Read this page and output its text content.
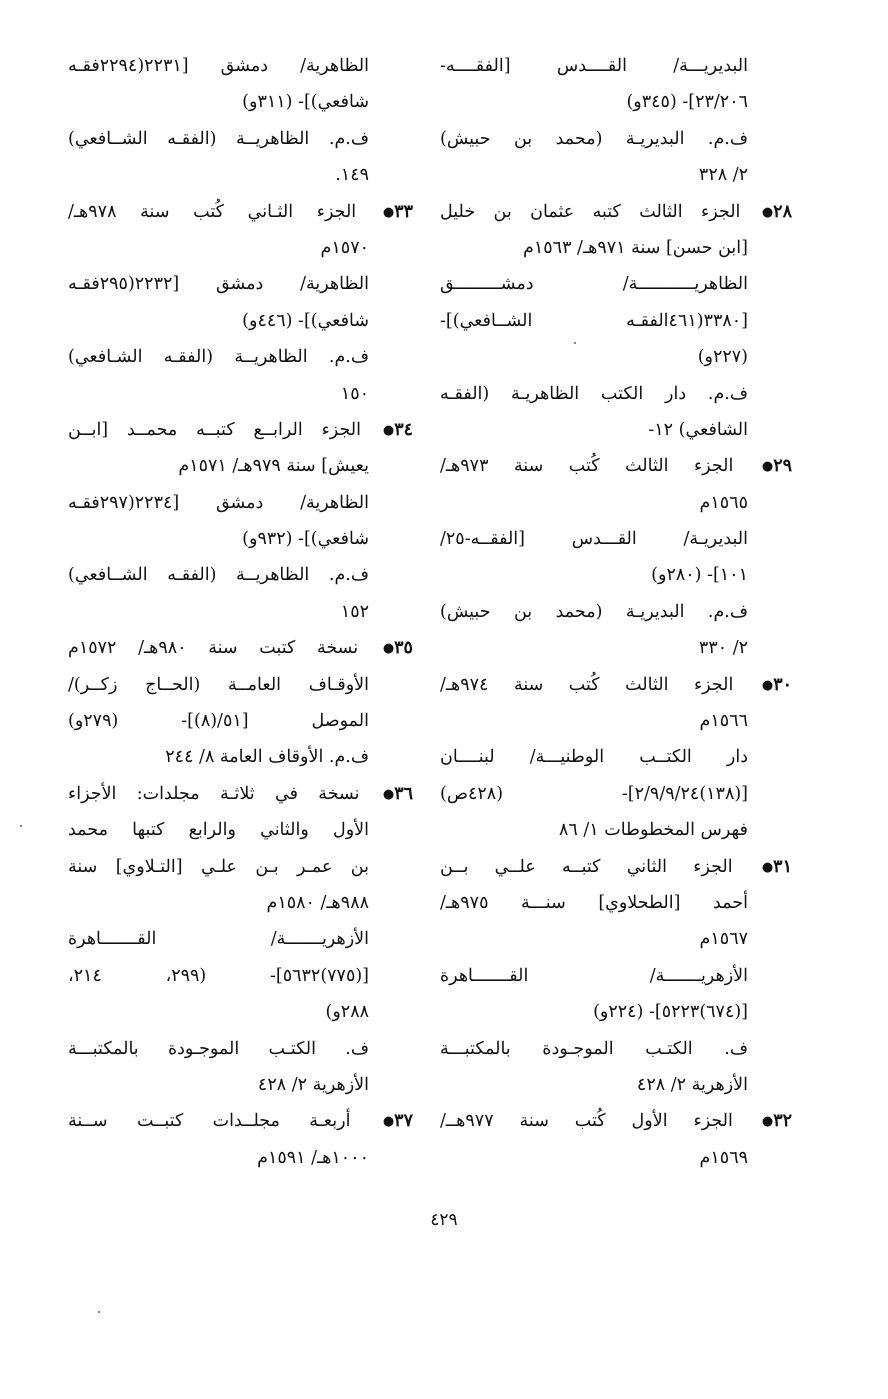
البديريـــة/ القــــدس [الفقــــه-
٢٣/٢٠٦]- (٣٤٥و)
ف.م. البديريـة (محمد بن حبيش)
٢/ ٣٢٨
٢٨● الجزء الثالث كتبه عثمان بن خليل
[ابن حسن] سنة ٩٧١هـ/ ١٥٦٣م
الظاهريـــــــــــة/ دمشـــــــــق
[٣٣٨٠(٤٦١الفقـه الشــافعي)]-
(٢٢٧و)
ف.م. دار الكتب الظاهريـة (الفقـه
الشافعي) ١٢-
٢٩● الجزء الثالث كُتب سنة ٩٧٣هـ/
١٥٦٥م
البديريـة/ القـــدس [الفقــه-٢٥/
١٠١]- (٢٨٠و)
ف.م. البديريـة (محمد بن حبيش)
٢/ ٣٣٠
٣٠● الجزء الثالث كُتب سنة ٩٧٤هـ/
١٥٦٦م
دار الكتــب الوطنيـــة/ لبنــــان
[(١٣٨)٢/٩/٩/٢٤]- (٤٢٨ص)
فهرس المخطوطات ١/ ٨٦
٣١● الجزء الثاني كتبــه علــي بــن
أحمد [الطحلاوي] سنـــة ٩٧٥هـ/
١٥٦٧م
الأزهريـــــــة/ القـــــــاهرة
[(٦٧٤)٥٢٢٣]- (٢٢٤و)
ف. الكتـب الموجـودة بالمكتبـــة
الأزهرية ٢/ ٤٢٨
٣٢● الجزء الأول كُتب سنة ٩٧٧هــ/
١٥٦٩م
الظاهرية/ دمشق [٢٢٣١(٢٢٩٤فقـه
شافعي)]- (٣١١و)
ف.م. الظاهريــة (الفقـه الشــافعي)
١٤٩.
٣٣● الجزء الثـاني كُتب سنة ٩٧٨هـ/
١٥٧٠م
الظاهرية/ دمشق [٢٢٣٢(٢٩٥فقـه
شافعي)]- (٤٤٦و)
ف.م. الظاهريــة (الفقـه الشـافعي)
١٥٠
٣٤● الجزء الرابــع كتبــه محمــد [ابــن
يعيش] سنة ٩٧٩هـ/ ١٥٧١م
الظاهرية/ دمشق [٢٢٣٤(٢٩٧فقـه
شافعي)]- (٩٣٢و)
ف.م. الظاهريــة (الفقـه الشــافعي)
١٥٢
٣٥● نسخة كتبت سنة ٩٨٠هـ/ ١٥٧٢م
الأوقـاف العامــة (الحــاج زكــر)/
الموصل [٥١/(٨)]- (٢٧٩و)
ف.م. الأوقاف العامة ٨/ ٢٤٤
٣٦● نسخة في ثلاثـة مجلدات: الأجزاء
الأول والثاني والرابع كتبها محمد
بن عمـر بـن علـي [التـلاوي] سنة
٩٨٨هـ/ ١٥٨٠م
الأزهريـــــــة/ القـــــــاهرة
[(٧٧٥)٥٦٣٢]- (٢٩٩، ٢١٤،
٢٨٨و)
ف. الكتـب الموجـودة بالمكتبـــة
الأزهرية ٢/ ٤٢٨
٣٧● أربعـة مجلــدات كتبــت ســنة
١٠٠٠هـ/ ١٥٩١م
٤٢٩
